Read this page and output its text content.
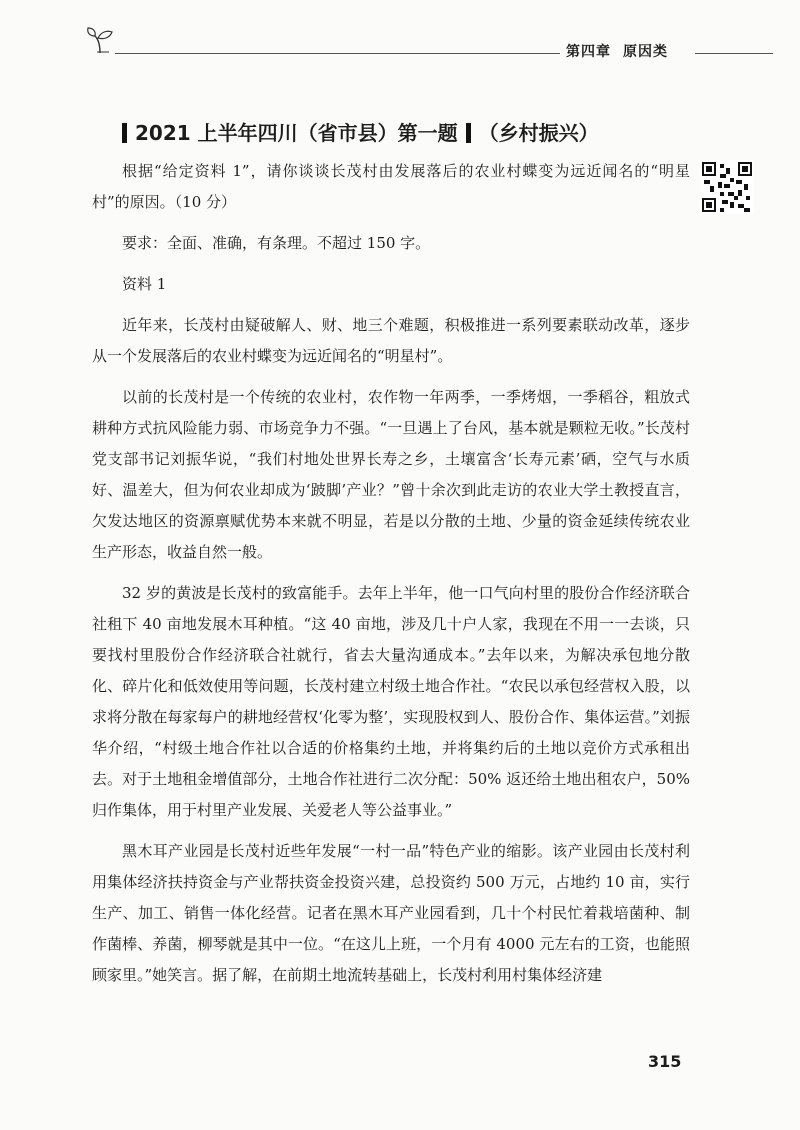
第四章 原因类
2021 上半年四川（省市县）第一题 （乡村振兴）

根据“给定资料 1”，请你谈谈长茂村由发展落后的农业村蝶变为远近闻名的“明星村”的原因。（10 分）

要求：全面、准确，有条理。不超过 150 字。

资料 1

近年来，长茂村由疑破解人、财、地三个难题，积极推进一系列要素联动改革，逐步从一个发展落后的农业村蝶变为远近闻名的“明星村”。

以前的长茂村是一个传统的农业村，农作物一年两季，一季烤烟，一季稻谷，粗放式耕种方式抗风险能力弱、市场竞争力不强。“一旦遇上了台风，基本就是颗粒无收。”长茂村党支部书记刘振华说，“我们村地处世界长寿之乡，土壤富含‘长寿元素’硒，空气与水质好、温差大，但为何农业却成为‘跛脚’产业？”曾十余次到此走访的农业大学土教授直言，欠发达地区的资源禀赋优势本来就不明显，若是以分散的土地、少量的资金延续传统农业生产形态，收益自然一般。

32 岁的黄波是长茂村的致富能手。去年上半年，他一口气向村里的股份合作经济联合社租下 40 亩地发展木耳种植。“这 40 亩地，涉及几十户人家，我现在不用一一去谈，只要找村里股份合作经济联合社就行，省去大量沟通成本。”去年以来，为解决承包地分散化、碎片化和低效使用等问题，长茂村建立村级土地合作社。“农民以承包经营权入股，以求将分散在每家每户的耕地经营权‘化零为整’，实现股权到人、股份合作、集体运营。”刘振华介绍，“村级土地合作社以合适的价格集约土地，并将集约后的土地以竞价方式承租出去。对于土地租金增值部分，土地合作社进行二次分配：50% 返还给土地出租农户，50% 归作集体，用于村里产业发展、关爱老人等公益事业。”

黑木耳产业园是长茂村近些年发展“一村一品”特色产业的缩影。该产业园由长茂村利用集体经济扶持资金与产业帮扶资金投资兴建，总投资约 500 万元，占地约 10 亩，实行生产、加工、销售一体化经营。记者在黑木耳产业园看到，几十个村民忙着栽培菌种、制作菌棒、养菌，柳琴就是其中一位。“在这儿上班，一个月有 4000 元左右的工资，也能照顾家里。”她笑言。据了解，在前期土地流转基础上，长茂村利用村集体经济建

315
